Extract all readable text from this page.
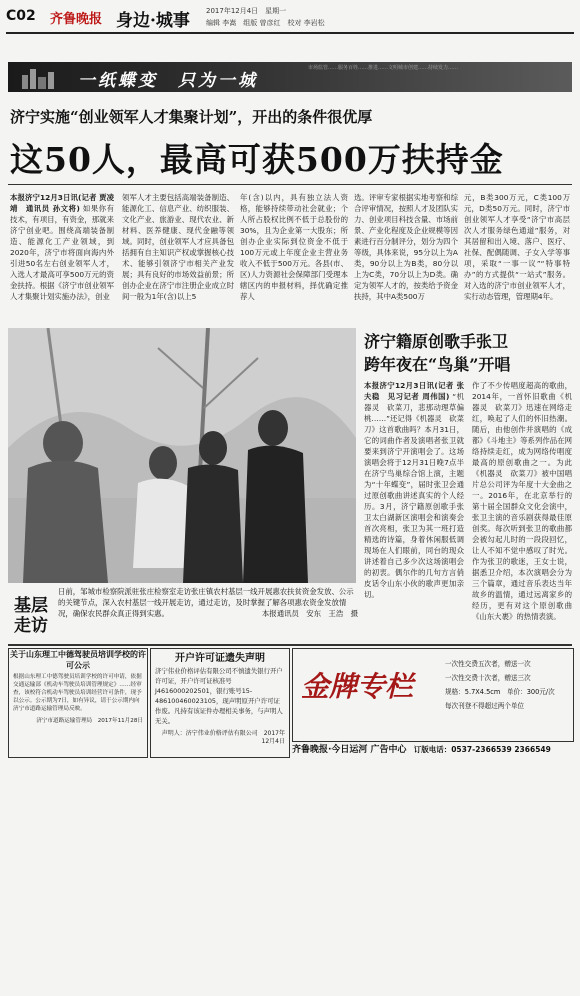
C02 齐鲁晚报 身边·城事 2017年12月4日　星期一
编辑 李嵩　组版 曾彦红　校对 李岩松
一纸蝶变　只为一城
市场监管……服务百姓……推进……文明城市创建……持续发力……
济宁实施“创业领军人才集聚计划”，开出的条件很优厚
这50人，最高可获500万扶持金
本报济宁12月3日讯(记者 贾凌靖　通讯员 孙文将) 如果你有技术，有项目，有资金，那就来济宁创业吧。围绕高端装备制造、能源化工产业领域，到2020年，济宁市将面向海内外引进50名左右创业领军人才，入选人才最高可享500万元的资金扶持。根据《济宁市创业领军人才集聚计划实施办法》，创业
领军人才主要包括高端装备制造、能源化工、信息产业、纺织服装、文化产业、旅游业、现代农业、新材料、医养健康、现代金融等领域。同时，创业领军人才应具备包括拥有自主知识产权或掌握核心技术、能够引领济宁市相关产业发展；具有良好的市场效益前景；所创办企业在济宁市注册企业成立时间一般为1年(含)以上5
年(含)以内，具有独立法人资格，能够持续带动社会就业；个人所占股权比例不低于总股份的30%，且为企业第一大股东；所创办企业实际到位资金不低于100万元或上年度企业主营业务收入不低于500万元。各县(市、区)人力资源社会保障部门受理本辖区内的申报材料，择优确定推荐人
选。评审专家根据实地考察和综合评审情况，按照人才及团队实力、创业项目科技含量、市场前景、产业化程度及企业规模等因素进行百分制评分，划分为四个等级，具体来说，95分以上为A类，90分以上为B类，80分以上为C类，70分以上为D类。确定为领军人才的，按类给予资金扶持，其中A类500万
元，B类300万元，C类100万元，D类50万元。同时，济宁市创业领军人才享受“济宁市高层次人才服务绿色通道”服务，对其居留和出入境、落户、医疗、社保、配偶随调、子女入学等事项，采取“一事一议”“特事特办”的方式提供“一站式”服务。对入选的济宁市创业领军人才，实行动态管理，管理期4年。
基层
走访
日前，邹城市检察院派驻张庄检察室走访张庄镇农村基层一线开展惠农扶贫资金发放、公示的关键节点，深入农村基层一线开展走访，通过走访，及时掌握了解各项惠农资金发放情况，确保农民群众真正得到实惠。	本报通讯员　安东　王浩　摄
济宁籍原创歌手张卫
跨年夜在“鸟巢”开唱
本报济宁12月3日讯(记者 张夫稳　见习记者 周伟国) “机器灵　砍菜刀，悲那动理草偏桃……”还记得《机器灵　砍菜刀》这首歌曲吗？本月31日，它的词曲作者及演唱者张卫就要来到济宁开演唱会了。这场演唱会将于12月31日晚7点半在济宁鸟巢综合馆上演，主题为“十年蝶变”，届时张卫会通过原创歌曲讲述真实的个人经历。3月，济宁籍原创歌手张卫太白湖新区演唱会和演奏会首次亮相，张卫为其一班打造精选的诗篇，身着休闲服低调现场在人们眼前，同台的现众讲述着自己多少次这场演唱会的初衷。偶尔作的几句方言俏皮话令山东小伙的歌声更加亲切。
作了不少传唱度超高的歌曲，2014年，一首怀旧歌曲《机器灵　砍菜刀》迅速在网络走红，唤起了人们的怀旧热潮。随后，由他创作并演唱的《成都》《斗地主》等系列作品在网络持续走红，成为网络传唱度最高的原创歌曲之一。为此《机器灵　砍菜刀》被中国唱片总公司评为年度十大金曲之一。2016年，在北京举行的第十届全国群众文化会演中，张卫主演的音乐剧获得最佳原创奖。每次听到张卫的歌曲都会被勾起儿时的一段段回忆，让人不知不觉中感叹了时光。作为张卫的歌迷，王女士说，据悉卫介绍，本次演唱会分为三个篇章，通过音乐表达当年故乡的温情，通过远离家乡的经历，更有对这个原创歌曲《山东大裹》的热情表演。
关于山东理工中德驾驶员培训学校的许可公示
根据山东理工中德驾驶员培训学校的许可申请，依据交通运输部《机动车驾驶员培训管理规定》……经审查，该校符合机动车驾驶员培训经营许可条件，现予以公示。公示期为7日，如有异议，请于公示期内向济宁市道路运输管理局反映。
济宁市道路运输管理局　2017年11月28日
开户许可证遗失声明
济宁伟业价格评估有限公司不慎遗失银行开户许可证，开户许可证核准号J4616000202501，银行账号15-486100460023105，现声明原开户许可证作废。凡持有该证件办理相关事务，与声明人无关。
声明人：济宁伟业价格评估有限公司　2017年12月4日
金牌专栏
一次性交费五次者，赠送一次
一次性交费十次者，赠送三次
规格：5.7X4.5cm　单价：300元/次
每次刊登不得超过两个单位
齐鲁晚报·今日运河 广告中心 订版电话：0537-2366539 2366549
